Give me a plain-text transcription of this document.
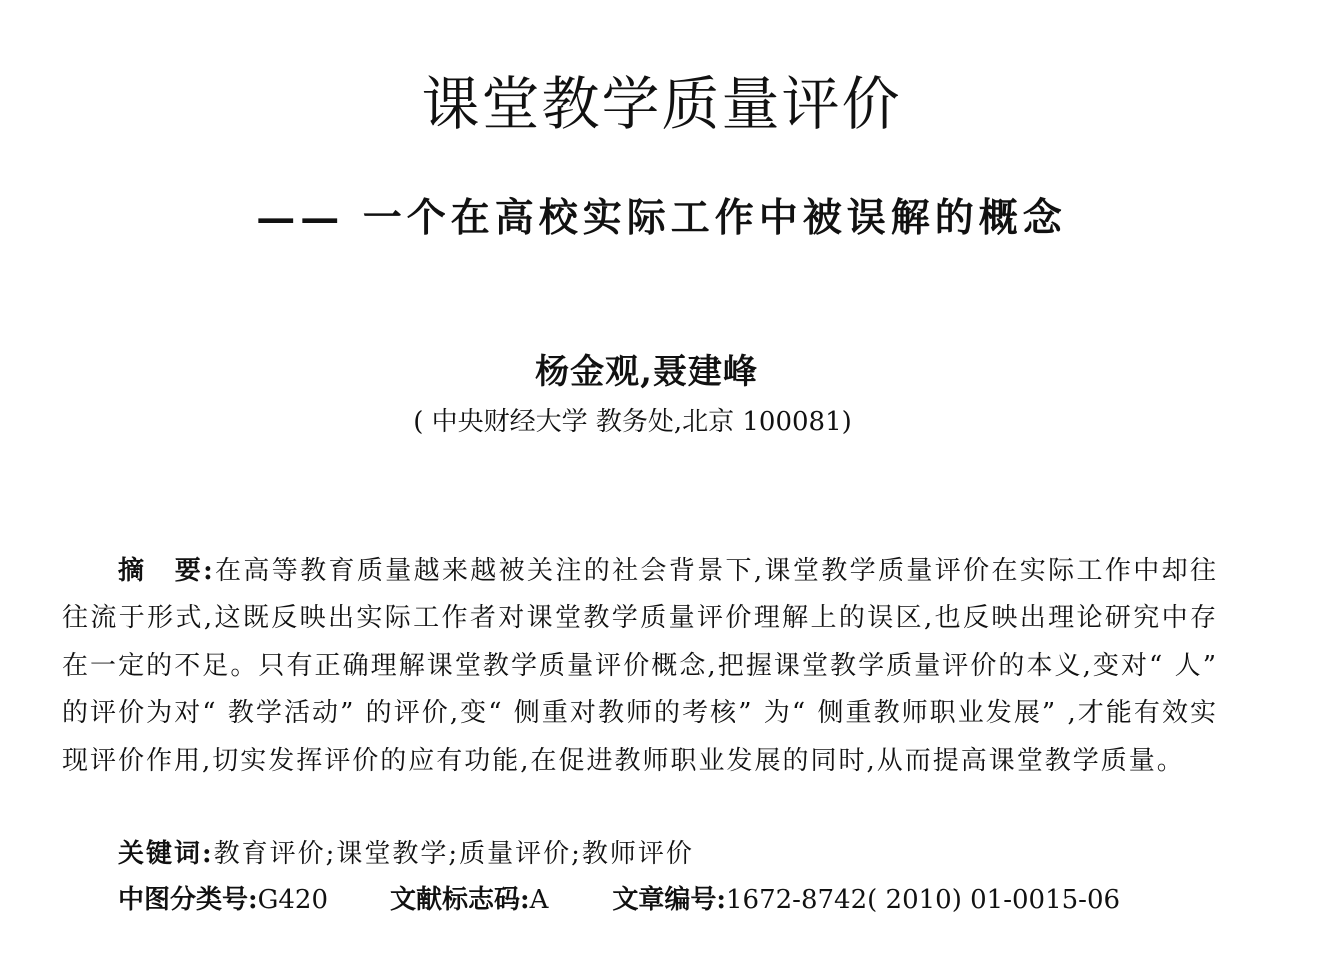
课堂教学质量评价
—— 一个在高校实际工作中被误解的概念

杨金观,聂建峰

( 中央财经大学 教务处,北京 100081)

摘　要:在高等教育质量越来越被关注的社会背景下,课堂教学质量评价在实际工作中却往往流于形式,这既反映出实际工作者对课堂教学质量评价理解上的误区,也反映出理论研究中存在一定的不足。只有正确理解课堂教学质量评价概念,把握课堂教学质量评价的本义,变对“ 人” 的评价为对“ 教学活动” 的评价,变“ 侧重对教师的考核” 为“ 侧重教师职业发展” ,才能有效实现评价作用,切实发挥评价的应有功能,在促进教师职业发展的同时,从而提高课堂教学质量。

关键词:教育评价;课堂教学;质量评价;教师评价

中图分类号:G420 文献标志码:A 文章编号:1672-8742( 2010) 01-0015-06
